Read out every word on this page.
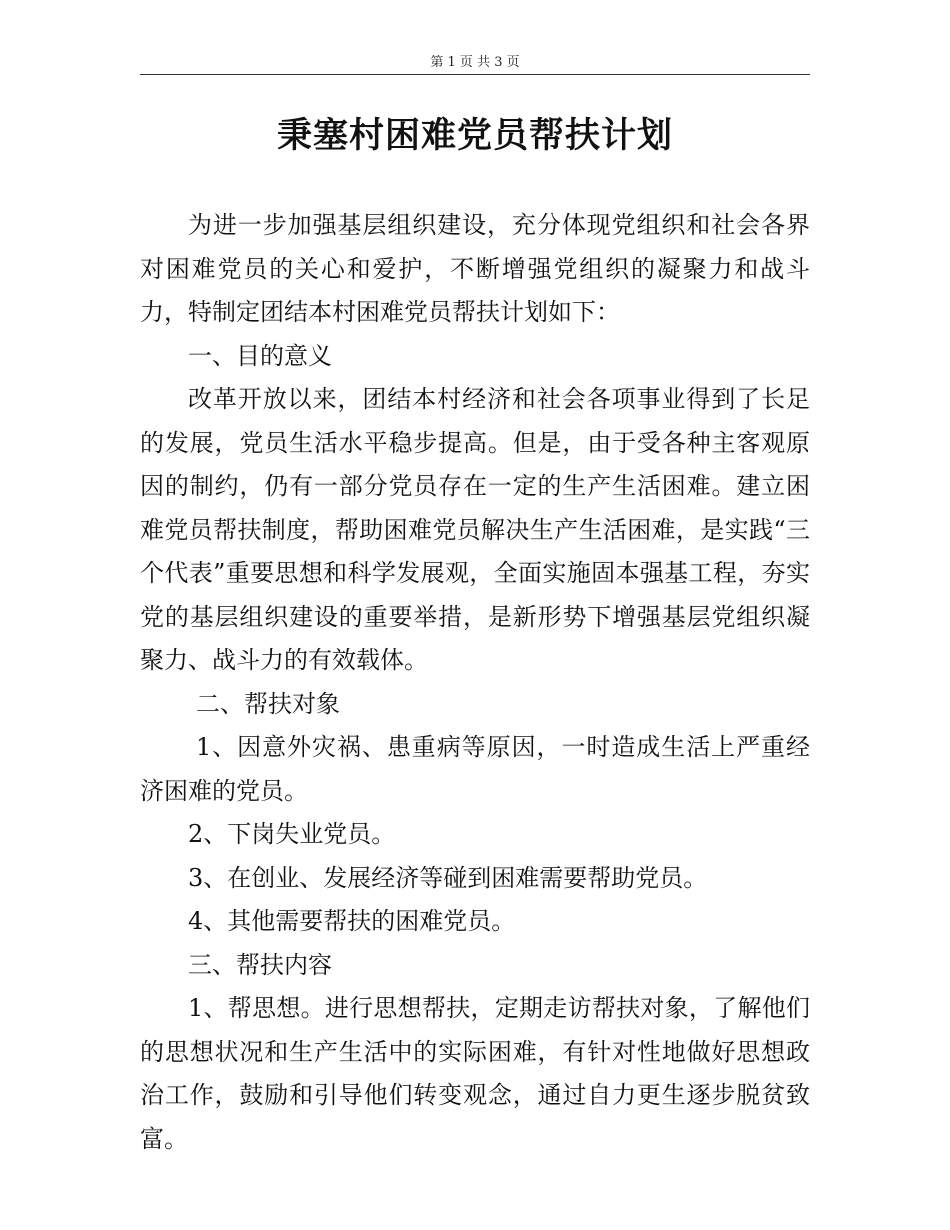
第 1 页 共 3 页
秉塞村困难党员帮扶计划

为进一步加强基层组织建设，充分体现党组织和社会各界对困难党员的关心和爱护，不断增强党组织的凝聚力和战斗力，特制定团结本村困难党员帮扶计划如下：

一、目的意义

改革开放以来，团结本村经济和社会各项事业得到了长足的发展，党员生活水平稳步提高。但是，由于受各种主客观原因的制约，仍有一部分党员存在一定的生产生活困难。建立困难党员帮扶制度，帮助困难党员解决生产生活困难，是实践“三个代表”重要思想和科学发展观，全面实施固本强基工程，夯实党的基层组织建设的重要举措，是新形势下增强基层党组织凝聚力、战斗力的有效载体。

二、帮扶对象

1、因意外灾祸、患重病等原因，一时造成生活上严重经济困难的党员。

2、下岗失业党员。

3、在创业、发展经济等碰到困难需要帮助党员。

4、其他需要帮扶的困难党员。

三、帮扶内容

1、帮思想。进行思想帮扶，定期走访帮扶对象，了解他们的思想状况和生产生活中的实际困难，有针对性地做好思想政治工作，鼓励和引导他们转变观念，通过自力更生逐步脱贫致富。
